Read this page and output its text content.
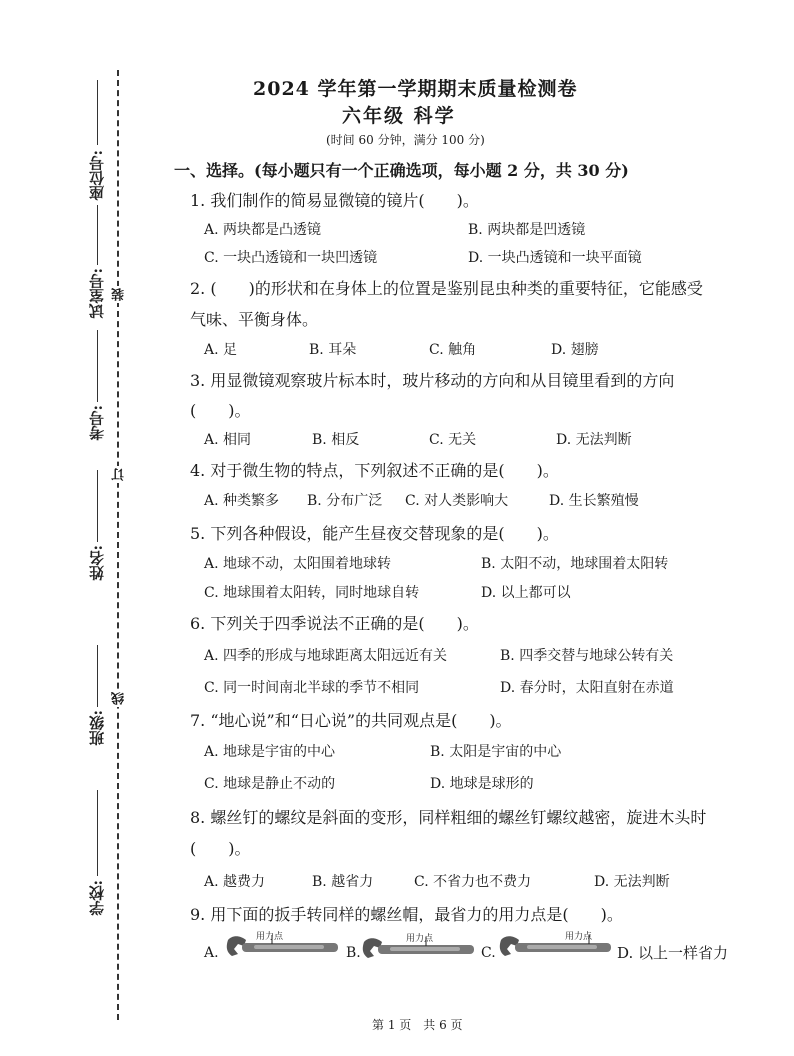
座位号:
试室号:
考号:
姓名:
班级:
学校:
装
订
线
2024 学年第一学期期末质量检测卷
六年级 科学
(时间 60 分钟，满分 100 分)
一、选择。(每小题只有一个正确选项，每小题 2 分，共 30 分)
1. 我们制作的简易显微镜的镜片(　　)。
A. 两块都是凸透镜	B. 两块都是凹透镜
C. 一块凸透镜和一块凹透镜	D. 一块凸透镜和一块平面镜
2. (　　)的形状和在身体上的位置是鉴别昆虫种类的重要特征，它能感受
气味、平衡身体。
A. 足	B. 耳朵	C. 触角	D. 翅膀
3. 用显微镜观察玻片标本时，玻片移动的方向和从目镜里看到的方向
(　　)。
A. 相同	B. 相反	C. 无关	D. 无法判断
4. 对于微生物的特点，下列叙述不正确的是(　　)。
A. 种类繁多 B. 分布广泛 C. 对人类影响大	D. 生长繁殖慢
5. 下列各种假设，能产生昼夜交替现象的是(　　)。
A. 地球不动，太阳围着地球转	B. 太阳不动，地球围着太阳转
C. 地球围着太阳转，同时地球自转	D. 以上都可以
6. 下列关于四季说法不正确的是(　　)。
A. 四季的形成与地球距离太阳远近有关	B. 四季交替与地球公转有关
C. 同一时间南北半球的季节不相同	D. 春分时，太阳直射在赤道
7. “地心说”和“日心说”的共同观点是(　　)。
A. 地球是宇宙的中心	B. 太阳是宇宙的中心
C. 地球是静止不动的	D. 地球是球形的
8. 螺丝钉的螺纹是斜面的变形，同样粗细的螺丝钉螺纹越密，旋进木头时
(　　)。
A. 越费力	B. 越省力	C. 不省力也不费力	D. 无法判断
9. 用下面的扳手转同样的螺丝帽，最省力的用力点是(　　)。
A.
用力点
B.
用力点
C.
用力点
D. 以上一样省力
第 1 页　共 6 页
